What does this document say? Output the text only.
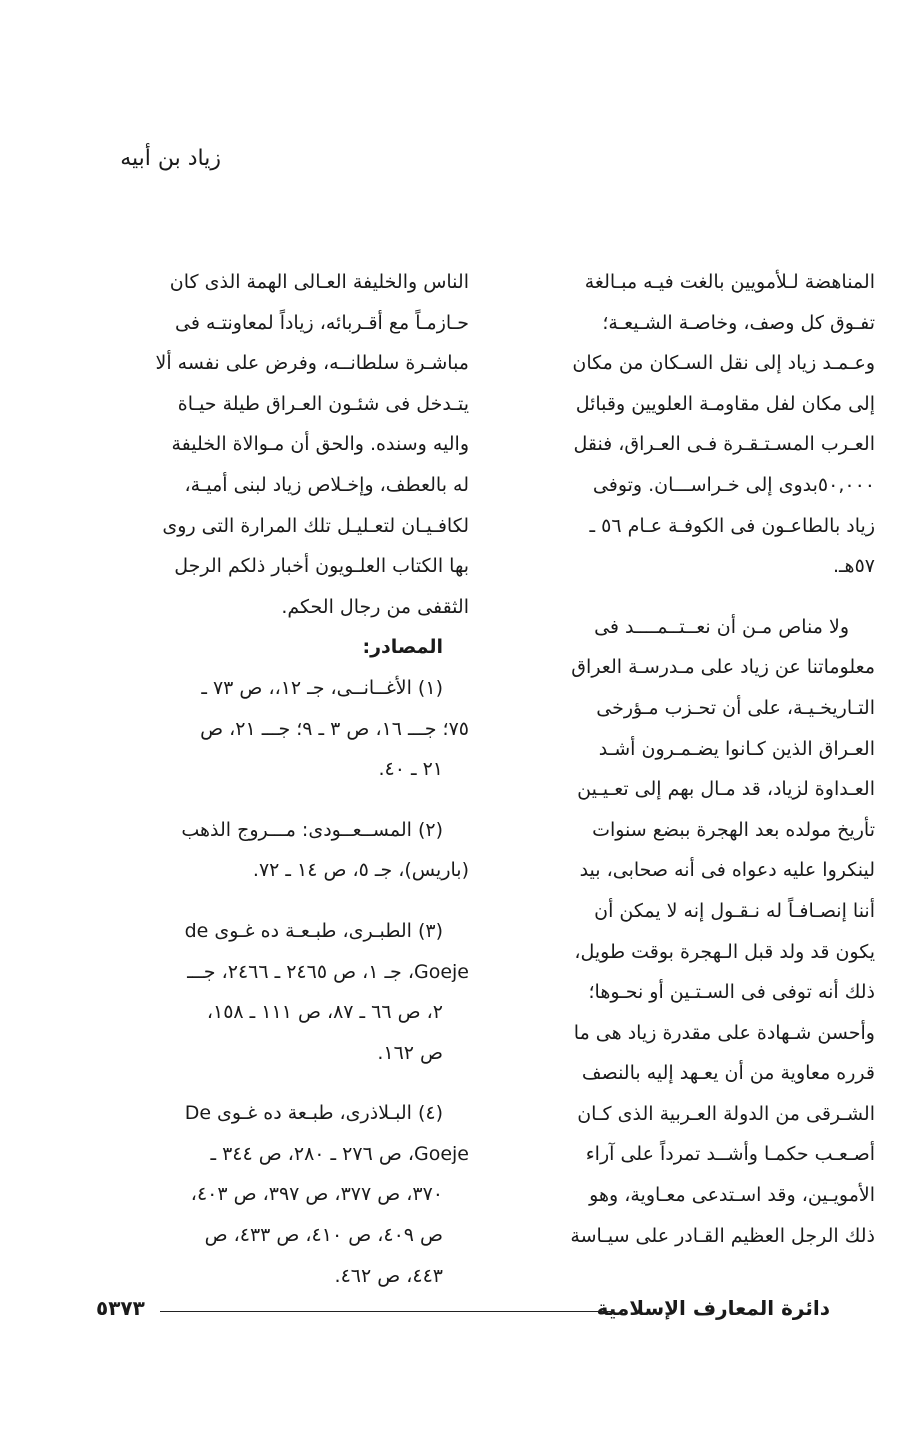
زياد بن أبيه
المناهضة لـلأمويين بالغت فيـه مبـالغة
تفـوق كل وصف، وخاصـة الشـيعـة؛
وعـمـد زياد إلى نقل السـكان من مكان
إلى مكان لفل مقاومـة العلويين وقبائل
العـرب المسـتـقـرة فـى العـراق، فنقل
٥٠,٠٠٠بدوى إلى خـراســـان. وتوفى
زياد بالطاعـون فى الكوفـة عـام ٥٦ ـ
٥٧هـ.
ولا مناص مـن أن نعــتــمــــد فى
معلوماتنا عن زياد على مـدرسـة العراق
التـاريخـيـة، على أن تحـزب مـؤرخى
العـراق الذين كـانوا يضـمـرون أشـد
العـداوة لزياد، قد مـال بهم إلى تعـيـين
تأريخ مولده بعد الهجرة ببضع سنوات
لينكروا عليه دعواه فى أنه صحابى، بيد
أننا إنصـافـاً له نـقـول إنه لا يمكن أن
يكون قد ولد قبل الـهجرة بوقت طويل،
ذلك أنه توفى فى السـتـين أو نحـوها؛
وأحسن شـهادة على مقدرة زياد هى ما
قرره معاوية من أن يعـهد إليه بالنصف
الشـرقى من الدولة العـربية الذى كـان
أصـعـب حكمـا وأشــد تمرداً على آراء
الأمويـين، وقد اسـتدعى معـاوية، وهو
ذلك الرجل العظيم القـادر على سيـاسة
الناس والخليفة العـالى الهمة الذى كان
حـازمـاً مع أقـربائه، زياداً لمعاونتـه فى
مباشـرة سلطانــه، وفرض على نفسه ألا
يتـدخل فى شئـون العـراق طيلة حيـاة
واليه وسنده. والحق أن مـوالاة الخليفة
له بالعطف، وإخـلاص زياد لبنى أميـة،
لكافـيـان لتعـليـل تلك المرارة التى روى
بها الكتاب العلـويون أخبار ذلكم الرجل
الثقفى من رجال الحكم.
المصادر:
(١) الأغــانــى، جـ ١٢،، ص ٧٣ ـ
٧٥؛ جـــ ١٦، ص ٣ ـ ٩؛ جـــ ٢١، ص
٢١ ـ ٤٠.
(٢) المســعــودى: مـــروج الذهب
(باريس)، جـ ٥، ص ١٤ ـ ٧٢.
(٣) الطبـرى، طبـعـة ده غـوى de
Goeje، جـ ١، ص ٢٤٦٥ ـ ٢٤٦٦، جـــ
٢، ص ٦٦ ـ ٨٧، ص ١١١ ـ ١٥٨،
ص ١٦٢.
(٤) البـلاذرى، طبـعة ده غـوى De
Goeje، ص ٢٧٦ ـ ٢٨٠، ص ٣٤٤ ـ
٣٧٠، ص ٣٧٧، ص ٣٩٧، ص ٤٠٣،
ص ٤٠٩، ص ٤١٠، ص ٤٣٣، ص
٤٤٣، ص ٤٦٢.
دائرة المعارف الإسلامية
٥٣٧٣
